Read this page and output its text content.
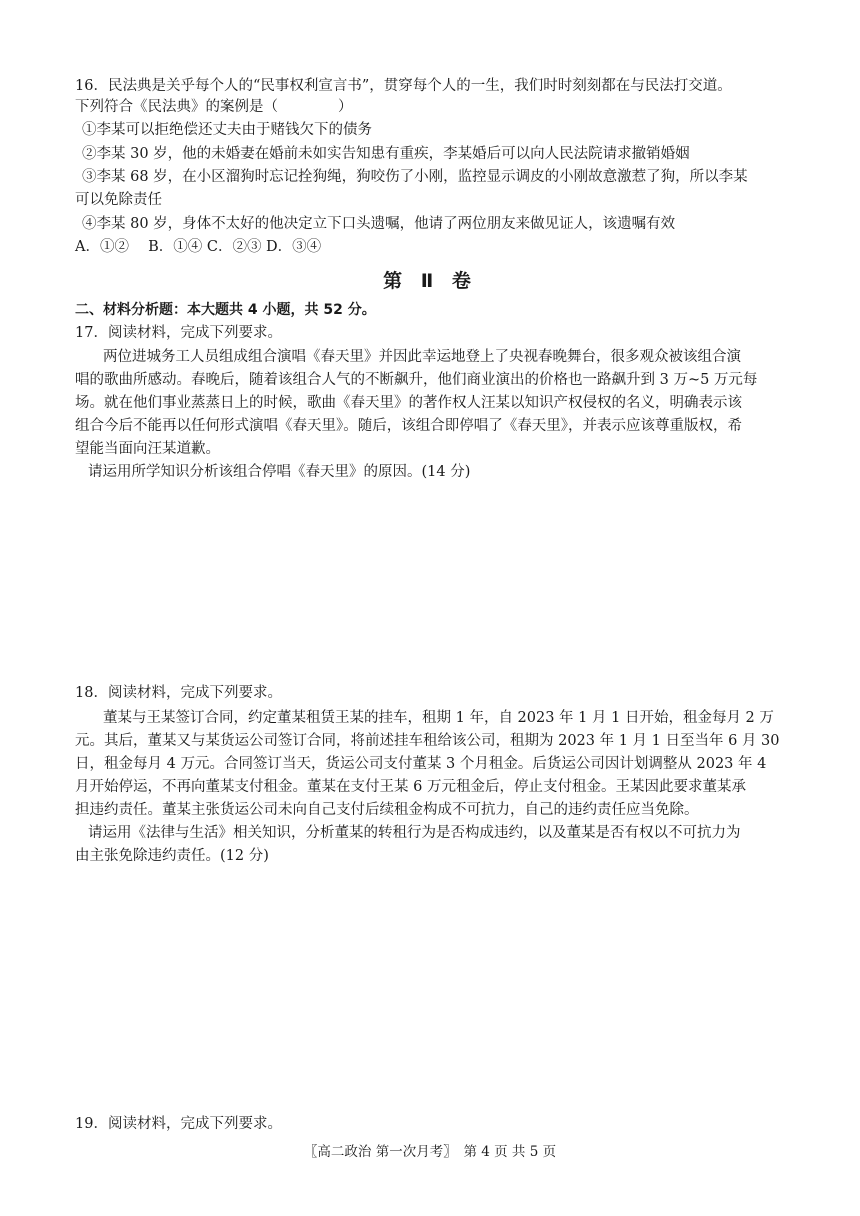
16．民法典是关乎每个人的“民事权利宣言书”，贯穿每个人的一生，我们时时刻刻都在与民法打交道。
下列符合《民法典》的案例是（	）
①李某可以拒绝偿还丈夫由于赌钱欠下的债务
②李某 30 岁，他的未婚妻在婚前未如实告知患有重疾，李某婚后可以向人民法院请求撤销婚姻
③李某 68 岁，在小区溜狗时忘记拴狗绳，狗咬伤了小刚，监控显示调皮的小刚故意激惹了狗，所以李某
可以免除责任
④李某 80 岁，身体不太好的他决定立下口头遗嘱，他请了两位朋友来做见证人，该遗嘱有效
A．①②　 B．①④ C．②③ D．③④
第 Ⅱ 卷
二、材料分析题：本大题共 4 小题，共 52 分。
17．阅读材料，完成下列要求。
两位进城务工人员组成组合演唱《春天里》并因此幸运地登上了央视春晚舞台，很多观众被该组合演
唱的歌曲所感动。春晚后，随着该组合人气的不断飙升，他们商业演出的价格也一路飙升到 3 万~5 万元每
场。就在他们事业蒸蒸日上的时候，歌曲《春天里》的著作权人汪某以知识产权侵权的名义，明确表示该
组合今后不能再以任何形式演唱《春天里》。随后，该组合即停唱了《春天里》，并表示应该尊重版权，希
望能当面向汪某道歉。
请运用所学知识分析该组合停唱《春天里》的原因。(14 分)
18．阅读材料，完成下列要求。
董某与王某签订合同，约定董某租赁王某的挂车，租期 1 年，自 2023 年 1 月 1 日开始，租金每月 2 万
元。其后，董某又与某货运公司签订合同，将前述挂车租给该公司，租期为 2023 年 1 月 1 日至当年 6 月 30
日，租金每月 4 万元。合同签订当天，货运公司支付董某 3 个月租金。后货运公司因计划调整从 2023 年 4
月开始停运，不再向董某支付租金。董某在支付王某 6 万元租金后，停止支付租金。王某因此要求董某承
担违约责任。董某主张货运公司未向自己支付后续租金构成不可抗力，自己的违约责任应当免除。
请运用《法律与生活》相关知识，分析董某的转租行为是否构成违约，以及董某是否有权以不可抗力为
由主张免除违约责任。(12 分)
19．阅读材料，完成下列要求。
〖高二政治 第一次月考〗　第 4 页 共 5 页
